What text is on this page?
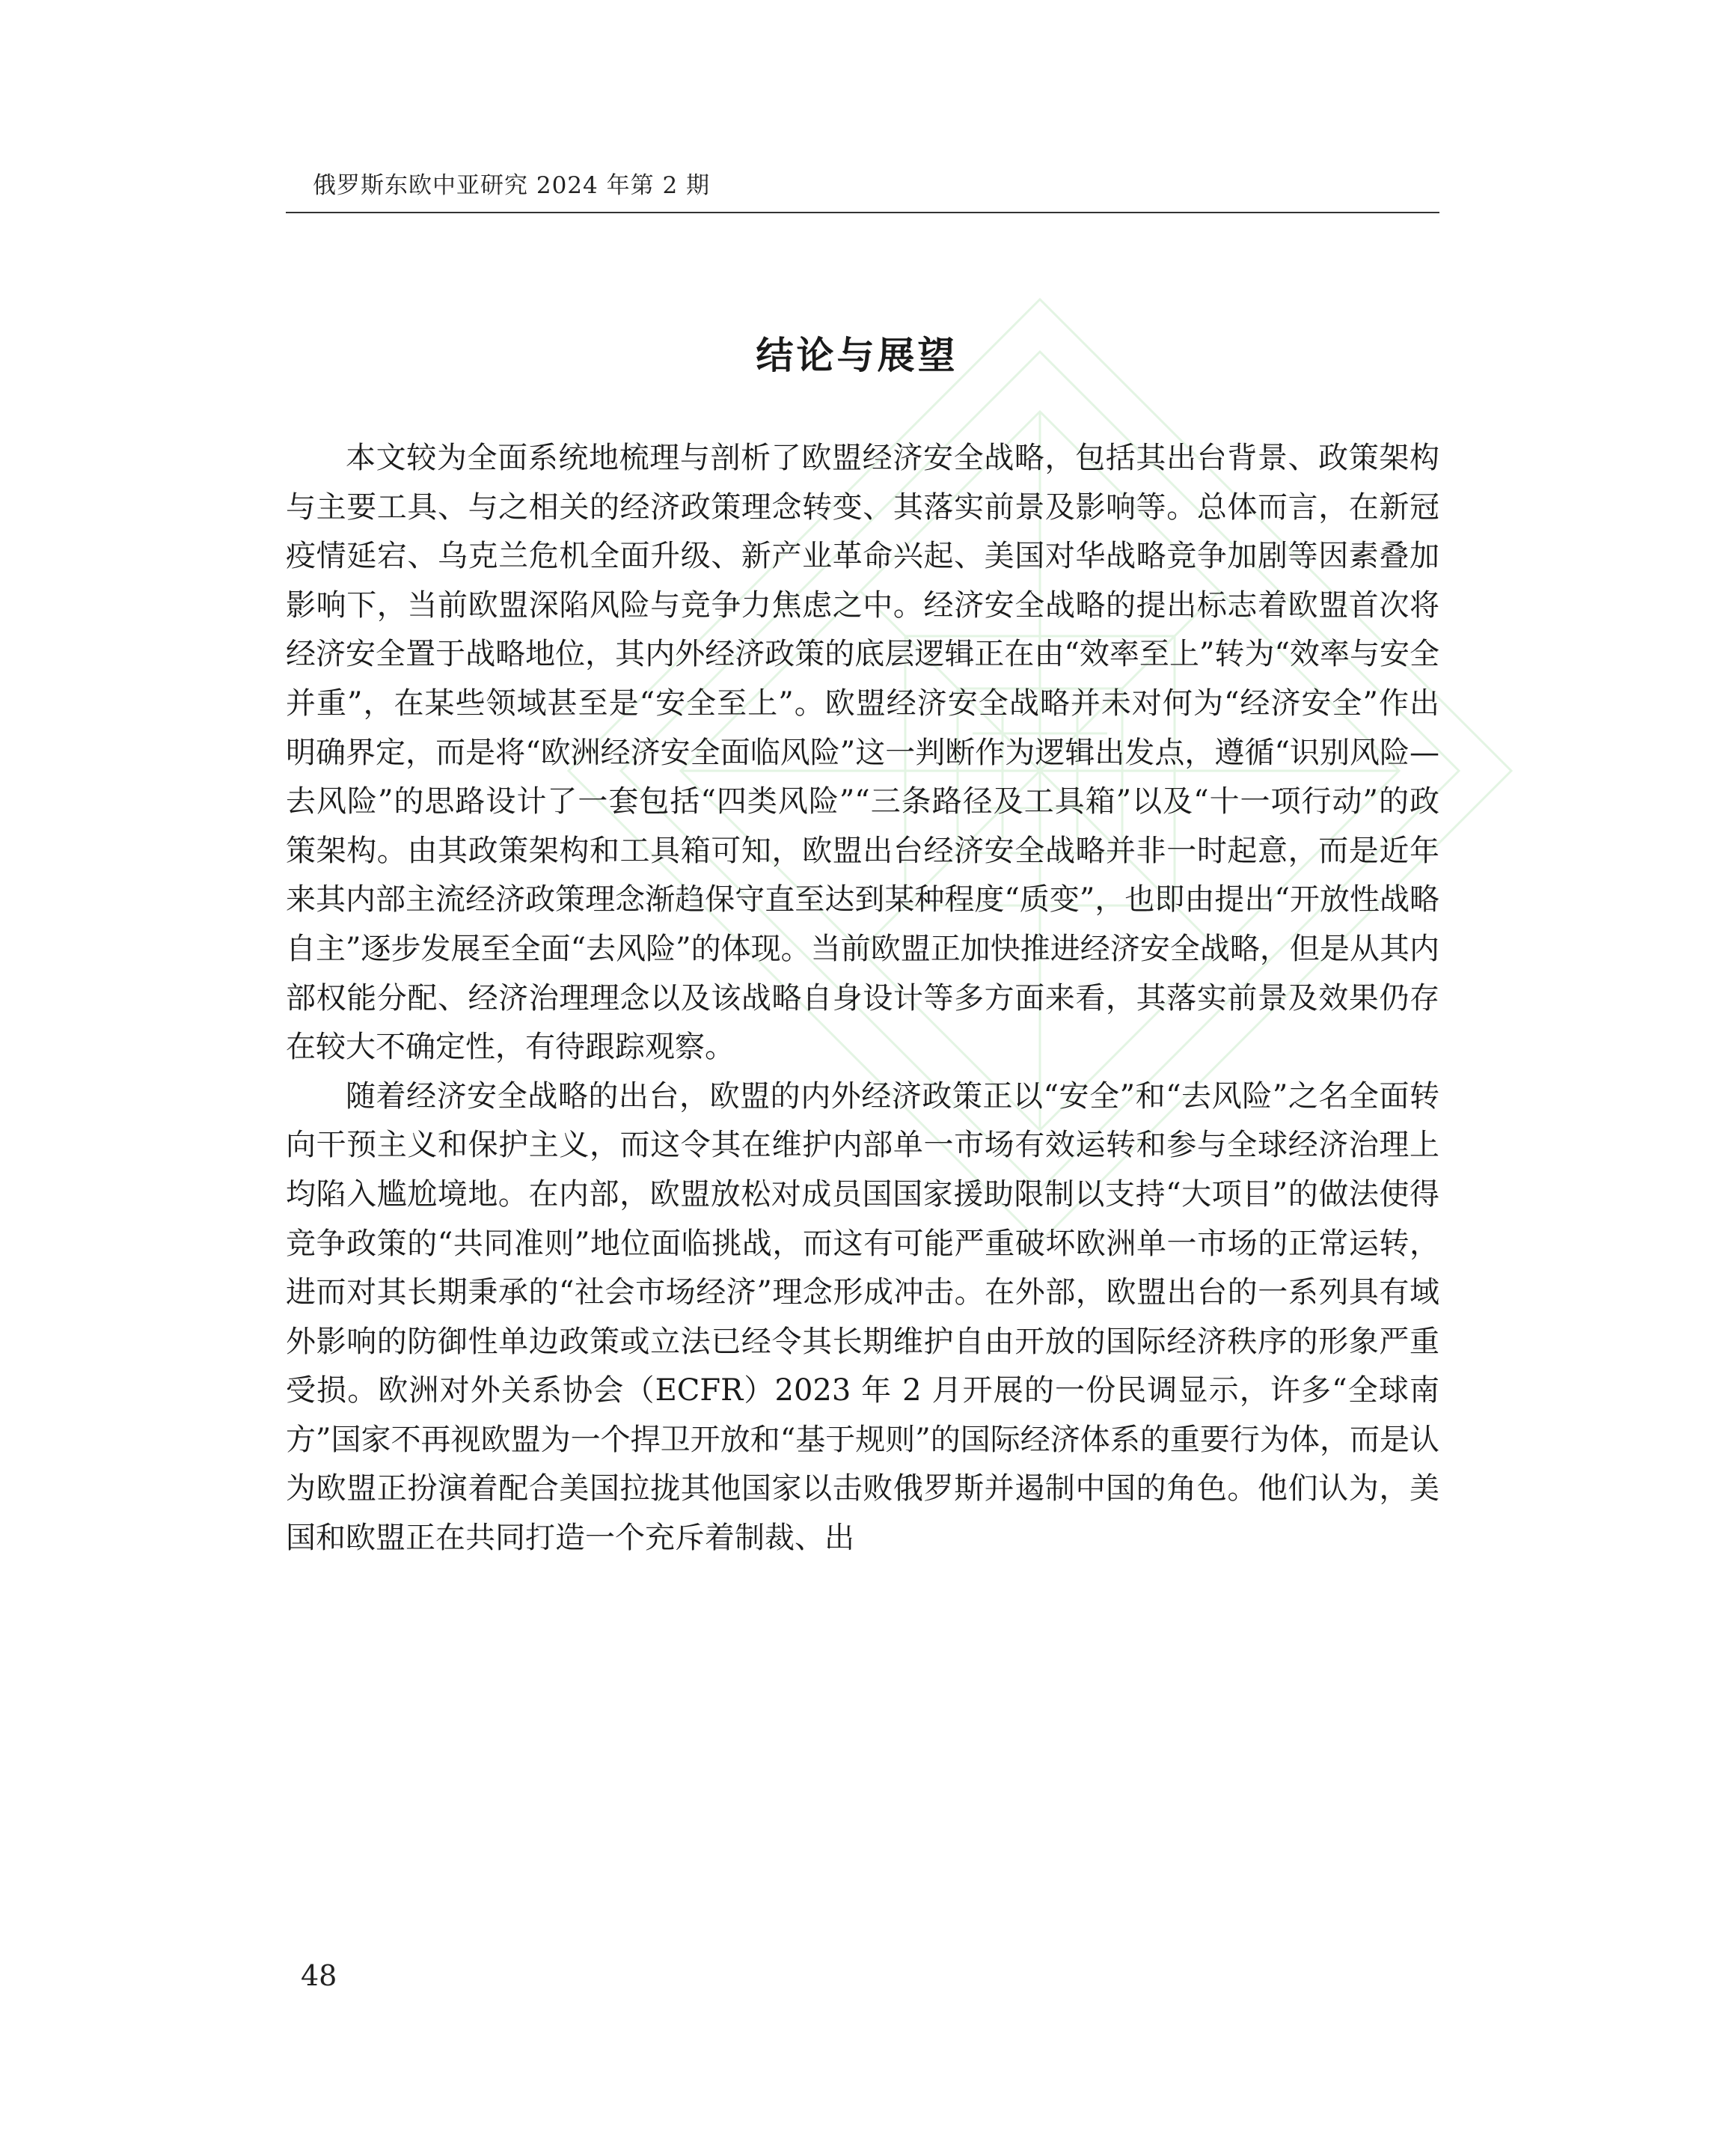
俄罗斯东欧中亚研究 2024 年第 2 期
结论与展望

本文较为全面系统地梳理与剖析了欧盟经济安全战略，包括其出台背景、政策架构与主要工具、与之相关的经济政策理念转变、其落实前景及影响等。总体而言，在新冠疫情延宕、乌克兰危机全面升级、新产业革命兴起、美国对华战略竞争加剧等因素叠加影响下，当前欧盟深陷风险与竞争力焦虑之中。经济安全战略的提出标志着欧盟首次将经济安全置于战略地位，其内外经济政策的底层逻辑正在由“效率至上”转为“效率与安全并重”，在某些领域甚至是“安全至上”。欧盟经济安全战略并未对何为“经济安全”作出明确界定，而是将“欧洲经济安全面临风险”这一判断作为逻辑出发点，遵循“识别风险—去风险”的思路设计了一套包括“四类风险”“三条路径及工具箱”以及“十一项行动”的政策架构。由其政策架构和工具箱可知，欧盟出台经济安全战略并非一时起意，而是近年来其内部主流经济政策理念渐趋保守直至达到某种程度“质变”，也即由提出“开放性战略自主”逐步发展至全面“去风险”的体现。当前欧盟正加快推进经济安全战略，但是从其内部权能分配、经济治理理念以及该战略自身设计等多方面来看，其落实前景及效果仍存在较大不确定性，有待跟踪观察。

随着经济安全战略的出台，欧盟的内外经济政策正以“安全”和“去风险”之名全面转向干预主义和保护主义，而这令其在维护内部单一市场有效运转和参与全球经济治理上均陷入尴尬境地。在内部，欧盟放松对成员国国家援助限制以支持“大项目”的做法使得竞争政策的“共同准则”地位面临挑战，而这有可能严重破坏欧洲单一市场的正常运转，进而对其长期秉承的“社会市场经济”理念形成冲击。在外部，欧盟出台的一系列具有域外影响的防御性单边政策或立法已经令其长期维护自由开放的国际经济秩序的形象严重受损。欧洲对外关系协会（ECFR）2023 年 2 月开展的一份民调显示，许多“全球南方”国家不再视欧盟为一个捍卫开放和“基于规则”的国际经济体系的重要行为体，而是认为欧盟正扮演着配合美国拉拢其他国家以击败俄罗斯并遏制中国的角色。他们认为，美国和欧盟正在共同打造一个充斥着制裁、出

48
